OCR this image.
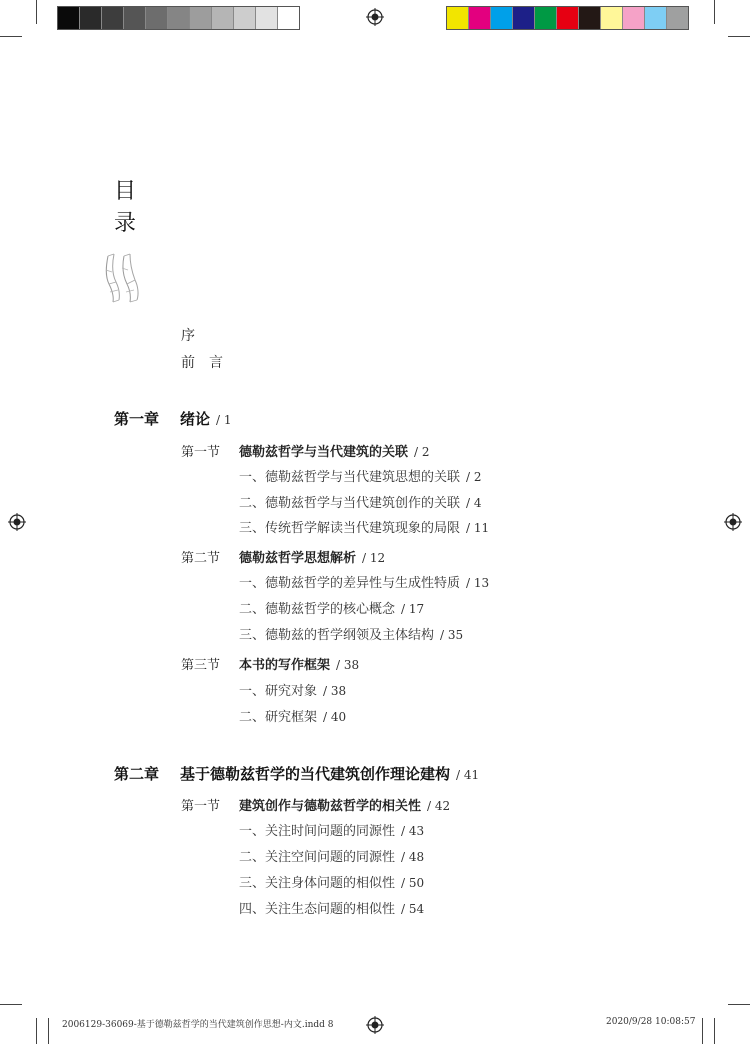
目
录
序
前　言
第一章 绪论 / 1
第一节 德勒兹哲学与当代建筑的关联 / 2
一、德勒兹哲学与当代建筑思想的关联 / 2
二、德勒兹哲学与当代建筑创作的关联 / 4
三、传统哲学解读当代建筑现象的局限 / 11
第二节 德勒兹哲学思想解析 / 12
一、德勒兹哲学的差异性与生成性特质 / 13
二、德勒兹哲学的核心概念 / 17
三、德勒兹的哲学纲领及主体结构 / 35
第三节 本书的写作框架 / 38
一、研究对象 / 38
二、研究框架 / 40
第二章 基于德勒兹哲学的当代建筑创作理论建构 / 41
第一节 建筑创作与德勒兹哲学的相关性 / 42
一、关注时间问题的同源性 / 43
二、关注空间问题的同源性 / 48
三、关注身体问题的相似性 / 50
四、关注生态问题的相似性 / 54
2006129-36069-基于德勒兹哲学的当代建筑创作思想-内文.indd 8	2020/9/28 10:08:57
